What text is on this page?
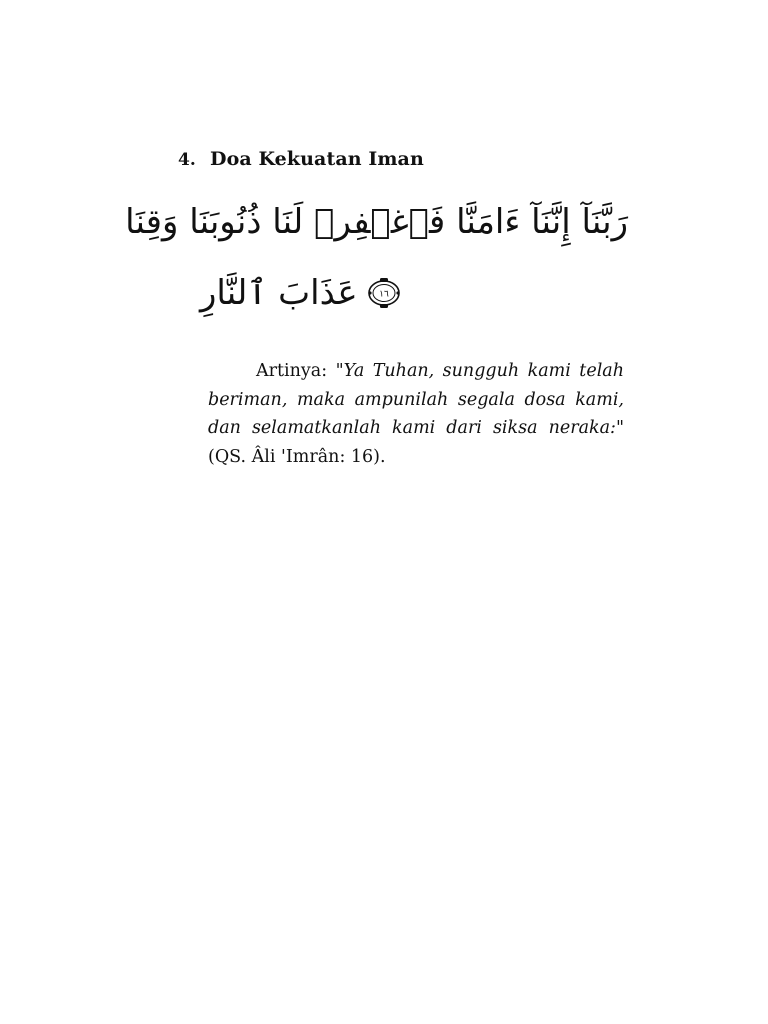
4. Doa Kekuatan Iman
رَبَّنَآ إِنَّنَآ ءَامَنَّا فَٱغۡفِرۡ لَنَا ذُنُوبَنَا وَقِنَا
عَذَابَ ٱلنَّارِ ١٦
Artinya: "Ya Tuhan, sungguh kami telah beriman, maka ampunilah segala dosa kami, dan selamatkanlah kami dari siksa neraka:" (QS. Âli 'Imrân: 16).
